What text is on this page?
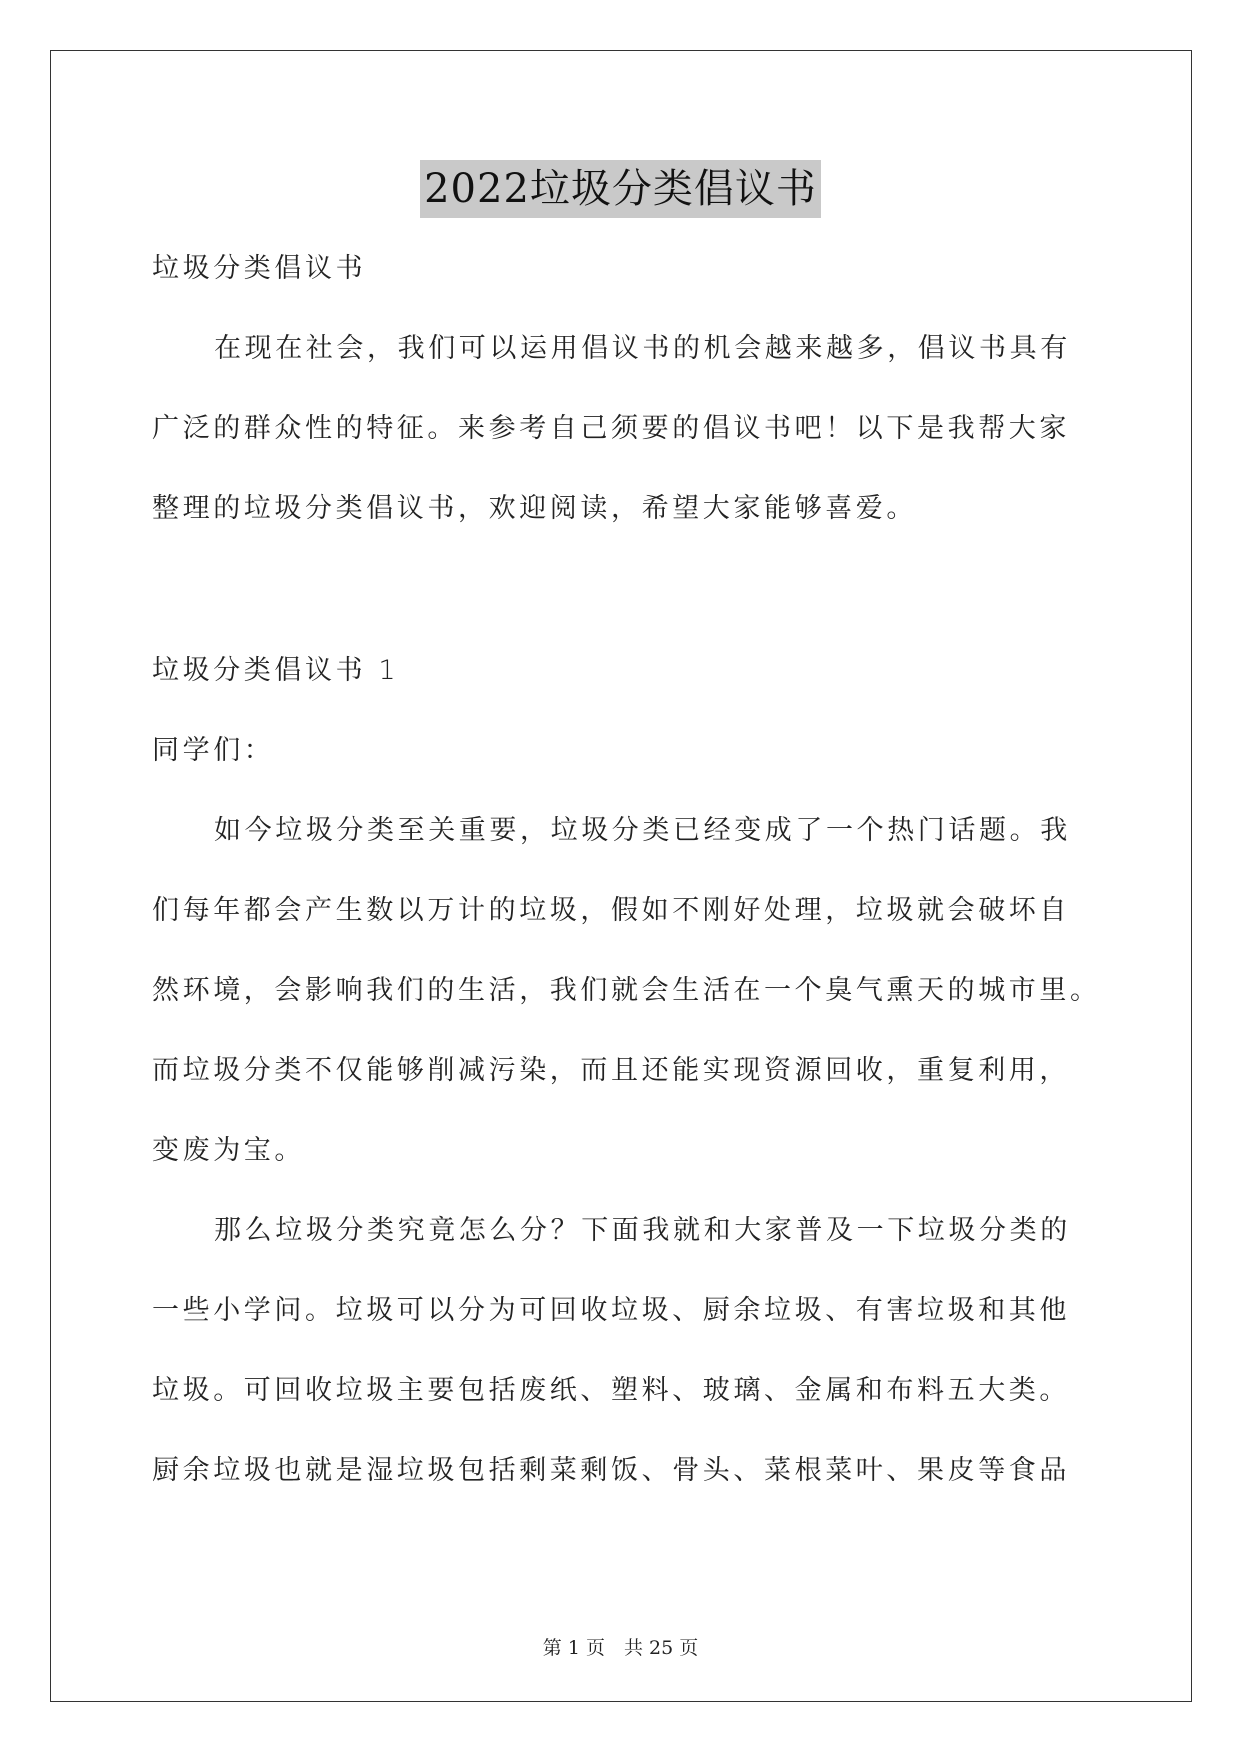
2022垃圾分类倡议书
垃圾分类倡议书
在现在社会，我们可以运用倡议书的机会越来越多，倡议书具有
广泛的群众性的特征。来参考自己须要的倡议书吧！以下是我帮大家
整理的垃圾分类倡议书，欢迎阅读，希望大家能够喜爱。
垃圾分类倡议书 1
同学们：
如今垃圾分类至关重要，垃圾分类已经变成了一个热门话题。我
们每年都会产生数以万计的垃圾，假如不刚好处理，垃圾就会破坏自
然环境，会影响我们的生活，我们就会生活在一个臭气熏天的城市里。
而垃圾分类不仅能够削减污染，而且还能实现资源回收，重复利用，
变废为宝。
那么垃圾分类究竟怎么分？下面我就和大家普及一下垃圾分类的
一些小学问。垃圾可以分为可回收垃圾、厨余垃圾、有害垃圾和其他
垃圾。可回收垃圾主要包括废纸、塑料、玻璃、金属和布料五大类。
厨余垃圾也就是湿垃圾包括剩菜剩饭、骨头、菜根菜叶、果皮等食品
第 1 页　共 25 页
